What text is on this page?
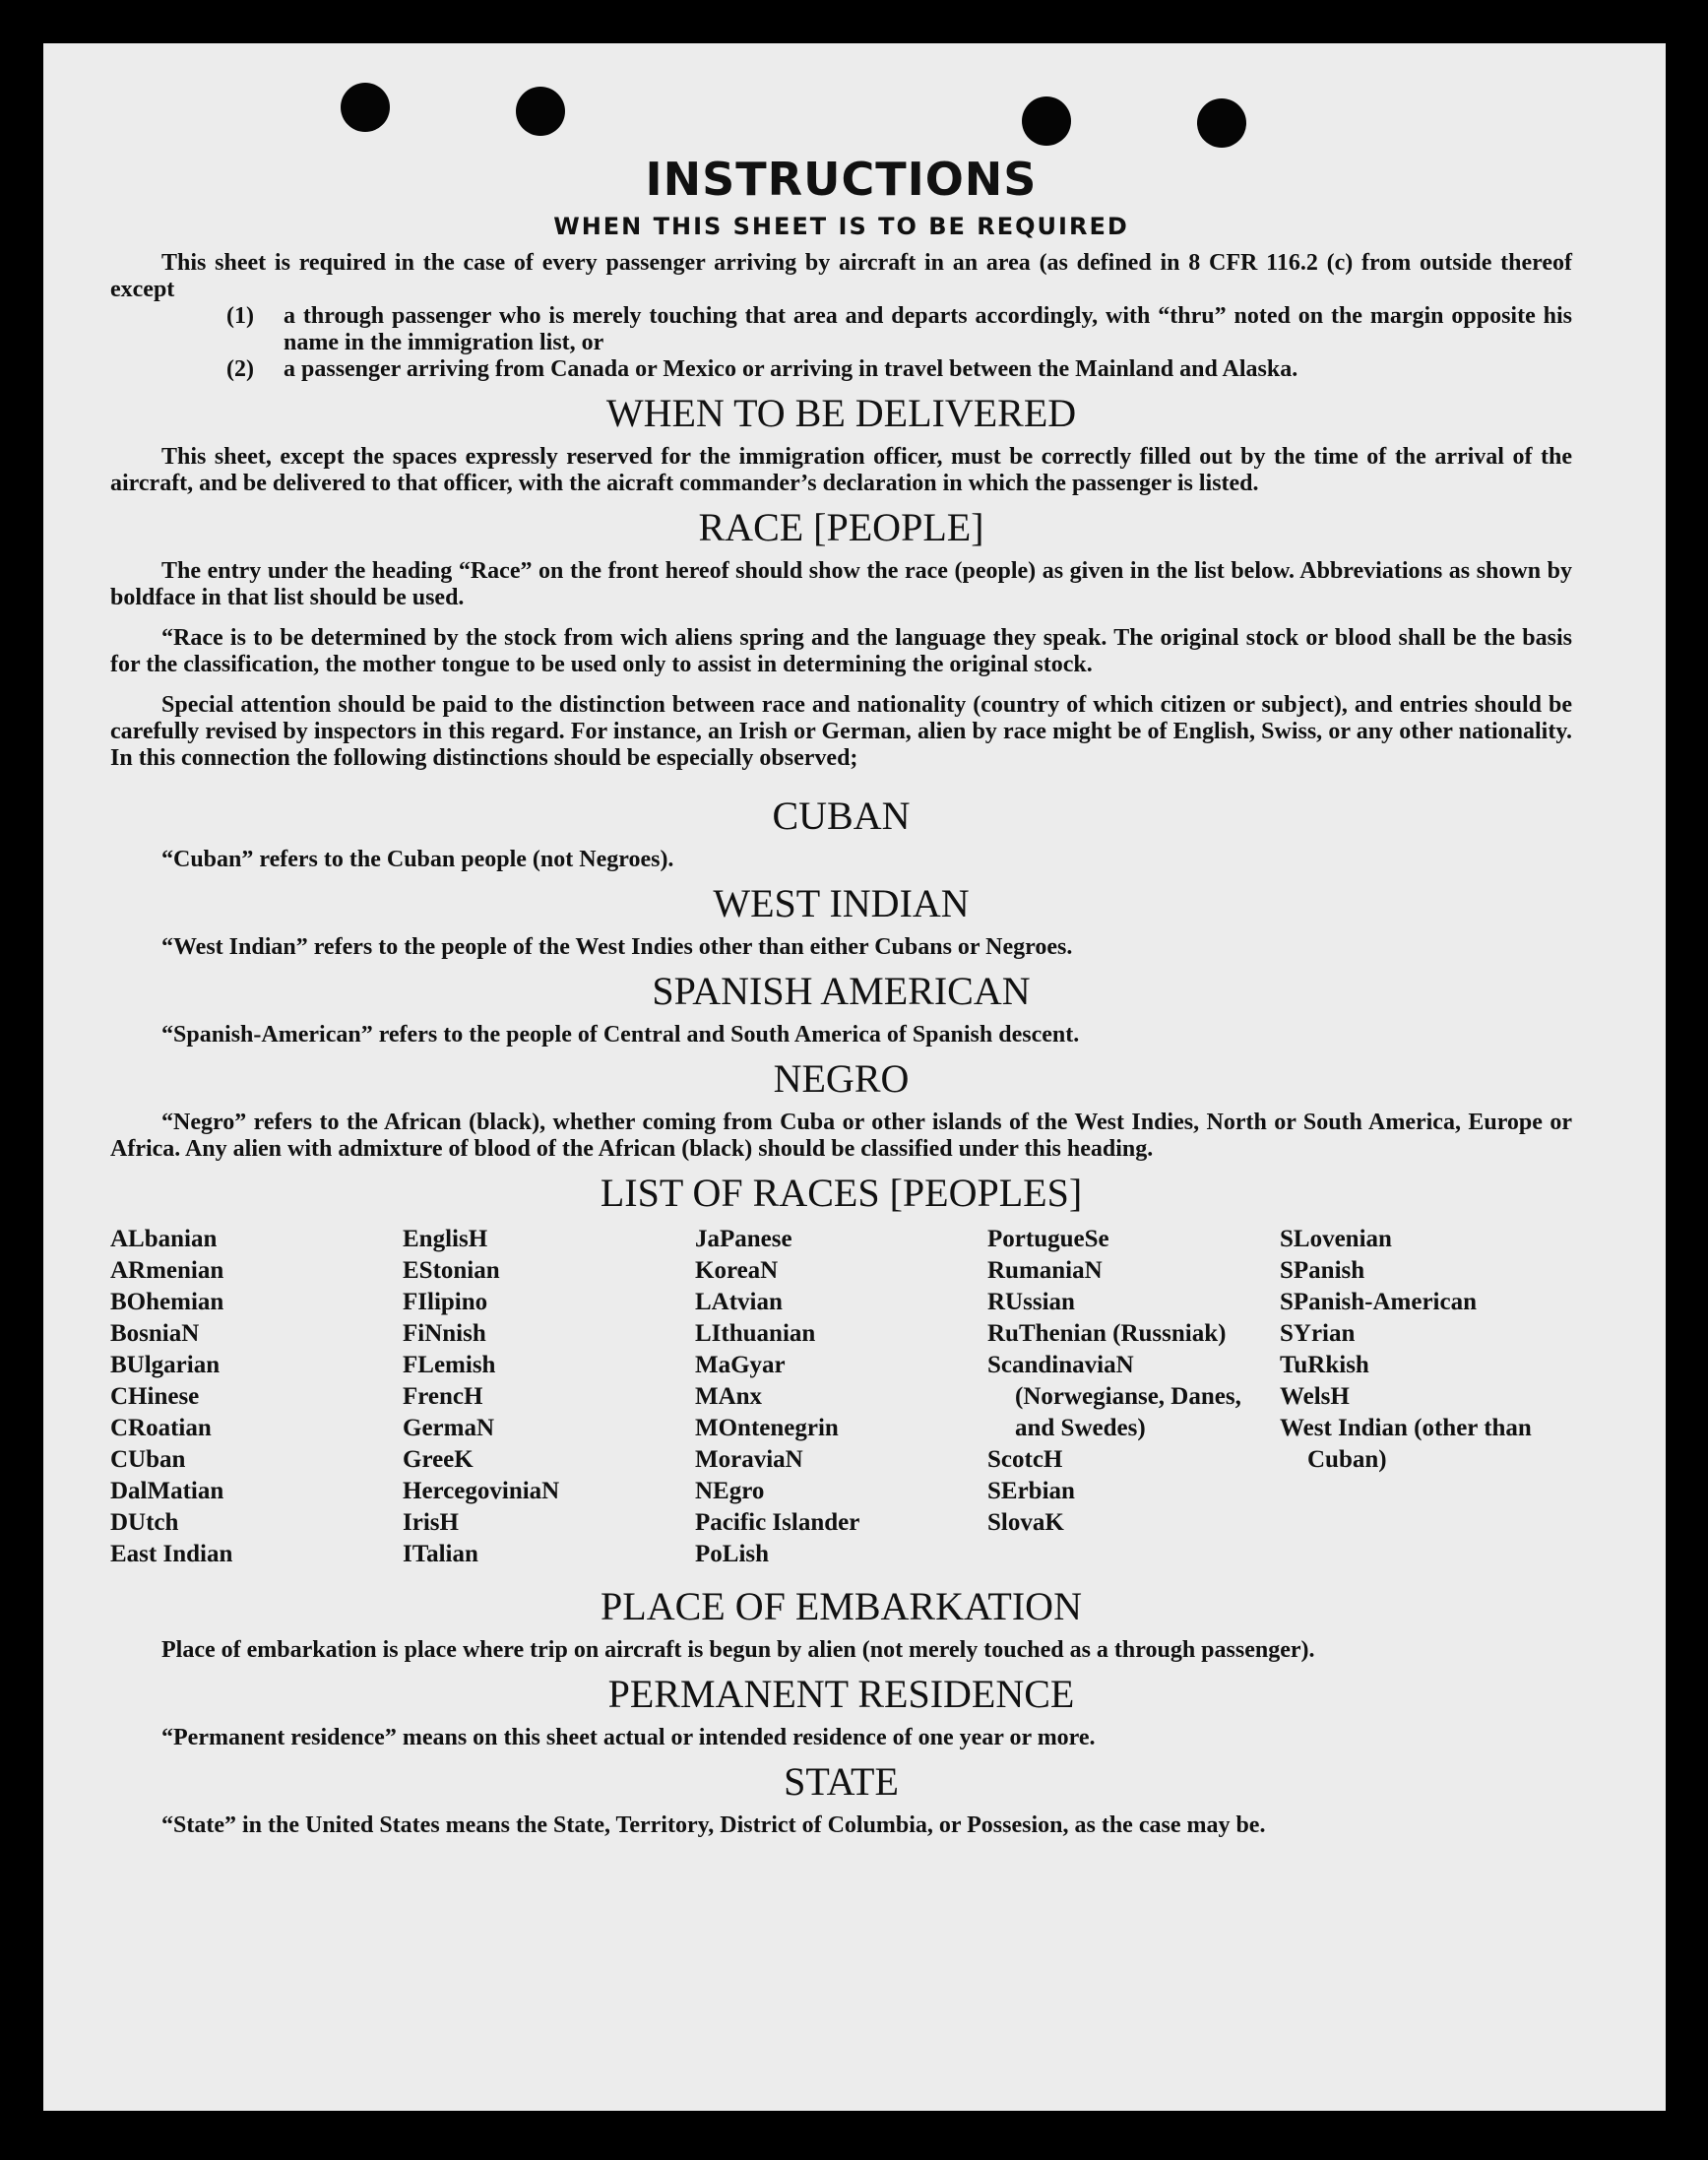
INSTRUCTIONS
WHEN THIS SHEET IS TO BE REQUIRED

This sheet is required in the case of every passenger arriving by aircraft in an area (as defined in 8 CFR 116.2 (c) from outside thereof except

(1)	a through passenger who is merely touching that area and departs accordingly, with “thru” noted on the margin opposite his name in the immigration list, or
(2)	a passenger arriving from Canada or Mexico or arriving in travel between the Mainland and Alaska.
WHEN TO BE DELIVERED

This sheet, except the spaces expressly reserved for the immigration officer, must be correctly filled out by the time of the arrival of the aircraft, and be delivered to that officer, with the aicraft commander’s declaration in which the passenger is listed.

RACE [PEOPLE]

The entry under the heading “Race” on the front hereof should show the race (people) as given in the list below. Abbreviations as shown by boldface in that list should be used.

“Race is to be determined by the stock from wich aliens spring and the language they speak. The original stock or blood shall be the basis for the classification, the mother tongue to be used only to assist in determining the original stock.

Special attention should be paid to the distinction between race and nationality (country of which citizen or subject), and entries should be carefully revised by inspectors in this regard. For instance, an Irish or German, alien by race might be of English, Swiss, or any other nationality. In this connection the following distinctions should be especially observed;

CUBAN

“Cuban” refers to the Cuban people (not Negroes).

WEST INDIAN

“West Indian” refers to the people of the West Indies other than either Cubans or Negroes.

SPANISH AMERICAN

“Spanish-American” refers to the people of Central and South America of Spanish descent.

NEGRO

“Negro” refers to the African (black), whether coming from Cuba or other islands of the West Indies, North or South America, Europe or Africa. Any alien with admixture of blood of the African (black) should be classified under this heading.

LIST OF RACES [PEOPLES]
ALbanian
ARmenian
BOhemian
BosniaN
BUlgarian
CHinese
CRoatian
CUban
DalMatian
DUtch
East Indian
EnglisH
EStonian
FIlipino
FiNnish
FLemish
FrencH
GermaN
GreeK
HercegoviniaN
IrisH
ITalian
JaPanese
KoreaN
LAtvian
LIthuanian
MaGyar
MAnx
MOntenegrin
MoraviaN
NEgro
Pacific Islander
PoLish
PortugueSe
RumaniaN
RUssian
RuThenian (Russniak)
ScandinaviaN (Norwegianse, Danes, and Swedes)
ScotcH
SErbian
SlovaK
SLovenian
SPanish
SPanish-American
SYrian
TuRkish
WelsH
West Indian (other than Cuban)
PLACE OF EMBARKATION

Place of embarkation is place where trip on aircraft is begun by alien (not merely touched as a through passenger).

PERMANENT RESIDENCE

“Permanent residence” means on this sheet actual or intended residence of one year or more.

STATE

“State” in the United States means the State, Territory, District of Columbia, or Possesion, as the case may be.
